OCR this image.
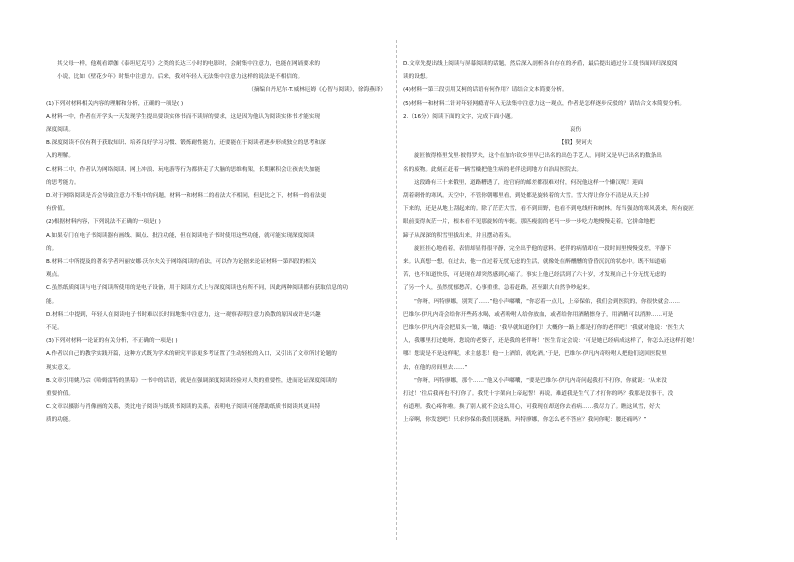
其父母一样，他观看谭伽《泰坦尼克号》之类的长达三小时的电影时，会耐集中注意力，也能在网诵要求的
小说，比如《壁花少年》时集中注意力。后来，我对年轻人无法集中注意力这样的说法是不相信的。
（摘编自丹尼尔·T.威林厄姆《心智与阅读》，徐海燕译）
(1)下列对材料相关内容的理解和分析，正确的一项是( )
A.材料一中，作者在开学头一天发现学生提出要读实体书而不读屏的要求，这是因为他认为阅读实体书才能实现
深度阅读。
B.深度阅读不仅有利于获取知识、培养良好学习习惯、锻炼耐性能力，还要能在于阅读者逐步形成独立的思考和深
入的理解。
C.材料二中，作者认为网络阅读、网上冲浪、玩电游等行为都挤走了大脑的思维构架，长期累积会让孩丧失加能
的思考能力。
D.对于网络阅读是否会导致注意力不集中的问题，材料一和材料二的看法大不相同，但是比之下，材料一的看法更
有价值。
(2)根据材料内容，下列说法不正确的一项是( )
A.如果专门在电子书阅读器有画线、圈点、批注功能，但在阅读电子书时使用这些功能，就可能实现深度阅读
的。
B.材料二中所提及的著名学者玛丽安娜·沃尔夫关于网络阅读的看法，可以作为论据来论证材料一第四段的相关
观点。
C.虽然纸质阅读与电子阅读所使用的是电子设备，用于阅读方式上与深度阅读也有所不同，因此两种阅读都有获取信息的功
能。
D.材料二中提到，年轻人在阅读电子书时难以长时间地集中注意力，这一观察表明注意力涣散的原因或许是兴趣
不足。
(3)下列对材料一论证的有关分析，不正确的一项是( )
A.作者以自己的教学实践开篇，这种方式既为学术的研究平添更多考证置了生动轻松的入口，又引出了文章所讨论题的
现实意义。
B.文章引用姚乃宗《哈姆雷特的黑莓》一书中的话语，就是在强调深度阅读经验对人类的重要性，进而论证深度阅读的
重要价值。
C.文章以摄影与肖像画的关系，类比电子阅读与纸质书阅读的关系，表明电子阅读可能帮助纸质书阅读其更具特
质的功能。
D.文章先提出线上阅读与屏幕阅读的话题，然后深入剖析各自存在的矛盾，最后提出通过分工使书面回归深度阅
读的设想。
(4)材料一第三段引用艾柯的话语有何作用？请结合文本简要分析。
(5)材料一和材料二针对年轻网瘾青年人无法集中注意力这一观点，作者是怎样逐步反驳的？请结合文本简要分析。
2.（16分）阅读下面的文字，完成下面小题。
哀伤
【俄】契诃夫
旋匠彼得格里戈里·彼得罗夫，这个在加尔钦乡里早已出名的出色手艺人，同时又是早已出名的数条出
名的废物。此刻正赶着一辆雪橇把他生病的老伴送到地方自治局医院去。
这段路有三十来俄里，道路糟透了，连官府的邮差都很难对付，何况他这样一个懒汉呢！迎面
刮着刺骨的寒风。天空中，不管你朝哪里看，到处都是旋转着的大雪。雪大得让你分不清是从天上掉
下来的，还是从地上刮起来的。除了茫茫大雪，看不到田野，也看不到电线杆和树林。每当强劲的寒风袭来，所有旋匠
眼前变得灰茫一片，根本看不见那旋转的车轭。那匹瘦弱的老马一步一步吃力地慢慢走着，它拼命地把
蹄子从深深的积雪里拔出来，并且摆动着头。
旋匠挂心地看着，表情却显得很平静，完全出乎他的意料。老伴的病情却在一段时间里慢慢变差，平静下
来。认真想一想，在过去，他一直过着无忧无虑的生活，就像处在醉醺醺的昏昏沉沉的状态中。既不知道痛
苦，也不知道快乐，可是现在却突然感到心痛了。事实上他已经活到了六十岁，才发现自己十分无忧无虑的
了另一个人，虽然忧郁愁苦，心事重重，急着赶路，甚至跟大自然争吵起来。
“你呀，玛特廖娜，别哭了……”他小声嘟囔，“你忍着一点儿，上帝保佑，我们会到医院的，你很快就会……
巴维尔·伊凡内奇会给你开些药水喝，或者吩咐人给你放血，或者给你用酒精擦身子，用酒精可以消肿……可是
巴维尔·伊凡内奇会把眉头一皱，嚷道：‘我早就知道你们！大概你一路上都是打你的老伴吧！’我就对他说：‘医生大
人，我哪里打过她呀，您说的老婆子，还是我的老伴呀！’医生肯定会说：‘可是她已经病成这样了，你怎么还这样打她！
哪！您说是不是这样呢，求主慈悲！他一上酒馆，就吃酒。’于是，巴维尔·伊凡内奇吩咐人把他们送回医院里
去，在他的房间里去……”
“你呀，玛特廖娜，那个……”他又小声嘟囔，“要是巴维尔·伊凡内奇问起我打不打你，你就说：‘从来没
打过！’往后我再也不打你了。我凭十字架向上帝起誓！再说，难道我是生气了才打你的吗？我那是没事干，没
有道理。我心疼你啦。换了别人就不会这么用心，可我现在却送你去看病……我尽力了。瞧这风雪，好大
上帝啊，你发怒吧！只求你保佑我们别迷路。玛特廖娜，你怎么老不答应？我问你呢：腰还痛吗？”
